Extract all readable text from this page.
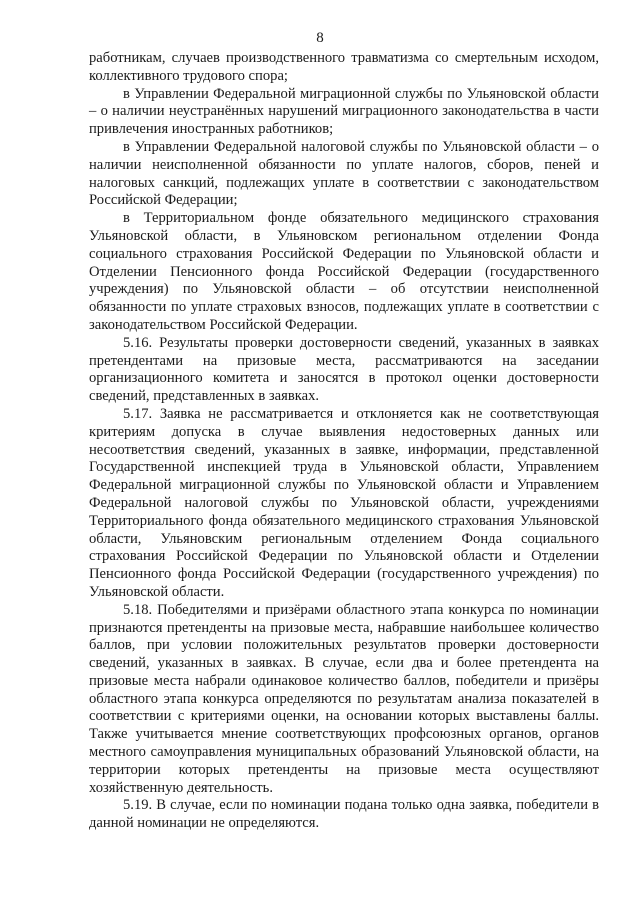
8

работникам, случаев производственного травматизма со смертельным исходом, коллективного трудового спора;

в Управлении Федеральной миграционной службы по Ульяновской области – о наличии неустранённых нарушений миграционного законодательства в части привлечения иностранных работников;

в Управлении Федеральной налоговой службы по Ульяновской области – о наличии неисполненной обязанности по уплате налогов, сборов, пеней и налоговых санкций, подлежащих уплате в соответствии с законодательством Российской Федерации;

в Территориальном фонде обязательного медицинского страхования Ульяновской области, в Ульяновском региональном отделении Фонда социального страхования Российской Федерации по Ульяновской области и Отделении Пенсионного фонда Российской Федерации (государственного учреждения) по Ульяновской области – об отсутствии неисполненной обязанности по уплате страховых взносов, подлежащих уплате в соответствии с законодательством Российской Федерации.

5.16. Результаты проверки достоверности сведений, указанных в заявках претендентами на призовые места, рассматриваются на заседании организационного комитета и заносятся в протокол оценки достоверности сведений, представленных в заявках.

5.17. Заявка не рассматривается и отклоняется как не соответствующая критериям допуска в случае выявления недостоверных данных или несоответствия сведений, указанных в заявке, информации, представленной Государственной инспекцией труда в Ульяновской области, Управлением Федеральной миграционной службы по Ульяновской области и Управлением Федеральной налоговой службы по Ульяновской области, учреждениями Территориального фонда обязательного медицинского страхования Ульяновской области, Ульяновским региональным отделением Фонда социального страхования Российской Федерации по Ульяновской области и Отделении Пенсионного фонда Российской Федерации (государственного учреждения) по Ульяновской области.

5.18. Победителями и призёрами областного этапа конкурса по номинации признаются претенденты на призовые места, набравшие наибольшее количество баллов, при условии положительных результатов проверки достоверности сведений, указанных в заявках. В случае, если два и более претендента на призовые места набрали одинаковое количество баллов, победители и призёры областного этапа конкурса определяются по результатам анализа показателей в соответствии с критериями оценки, на основании которых выставлены баллы. Также учитывается мнение соответствующих профсоюзных органов, органов местного самоуправления муниципальных образований Ульяновской области, на территории которых претенденты на призовые места осуществляют хозяйственную деятельность.

5.19. В случае, если по номинации подана только одна заявка, победители в данной номинации не определяются.
